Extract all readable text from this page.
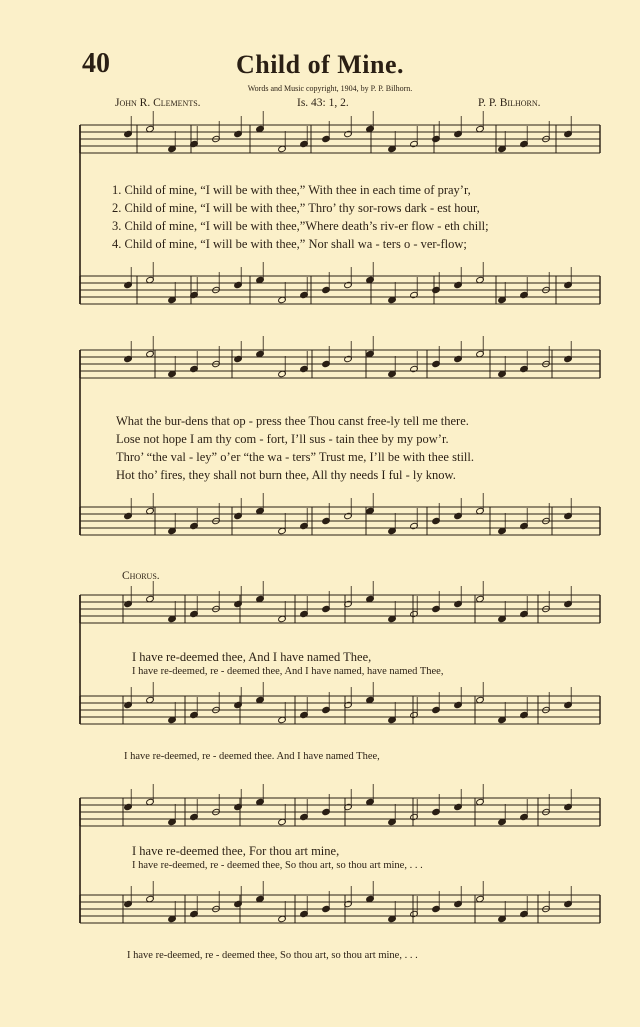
40	Child of Mine.
Words and Music copyright, 1904, by P. P. Bilhorn.
John R. Clements.	Is. 43: 1, 2.	P. P. Bilhorn.
1. Child of mine, “I will be with thee,” With thee in each time of pray’r,
2. Child of mine, “I will be with thee,” Thro’ thy sor-rows dark - est hour,
3. Child of mine, “I will be with thee,”Where death’s riv-er flow - eth chill;
4. Child of mine, “I will be with thee,” Nor shall wa - ters o - ver-flow;
What the bur-dens that op - press thee Thou canst free-ly tell me there.
Lose not hope I am thy com - fort, I’ll sus - tain thee by my pow’r.
Thro’ “the val - ley” o’er “the wa - ters” Trust me, I’ll be with thee still.
Hot tho’ fires, they shall not burn thee, All thy needs I ful - ly know.
Chorus.
I have re-deemed thee, And I have named Thee,
I have re-deemed, re - deemed thee, And I have named, have named Thee,
I have re-deemed, re - deemed thee. And I have named Thee,
I have re-deemed thee, For thou art mine,
I have re-deemed, re - deemed thee, So thou art, so thou art mine, . . .
I have re-deemed, re - deemed thee, So thou art, so thou art mine, . . .
